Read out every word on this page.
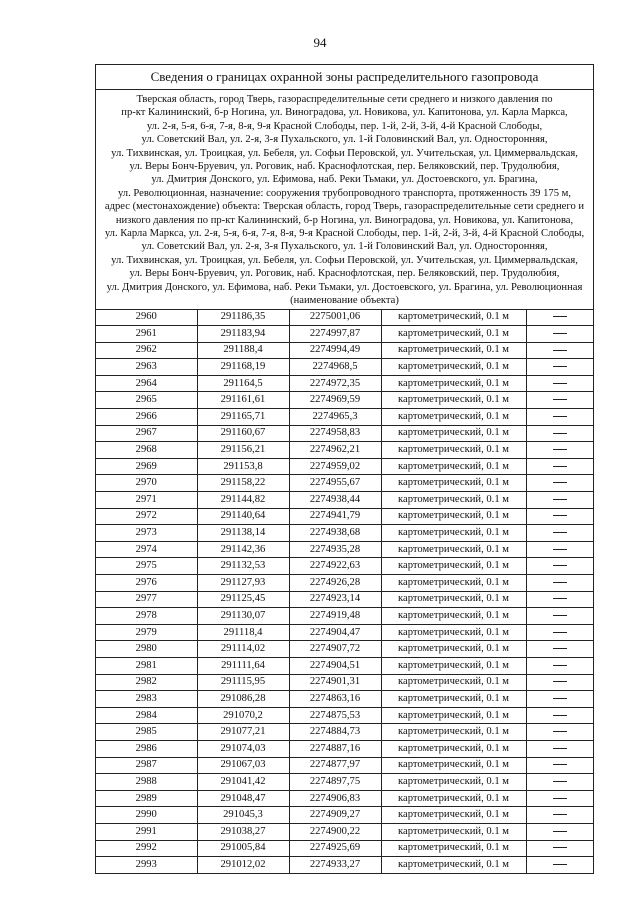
94
Сведения о границах охранной зоны распределительного газопровода
Тверская область, город Тверь, газораспределительные сети среднего и низкого давления по
пр-кт Калининский, б-р Ногина, ул. Виноградова, ул. Новикова, ул. Капитонова, ул. Карла Маркса,
ул. 2-я, 5-я, 6-я, 7-я, 8-я, 9-я Красной Слободы, пер. 1-й, 2-й, 3-й, 4-й Красной Слободы,
ул. Советский Вал, ул. 2-я, 3-я Пухальского, ул. 1-й Головинский Вал, ул. Односторонняя,
ул. Тихвинская, ул. Троицкая, ул. Бебеля, ул. Софьи Перовской, ул. Учительская, ул. Циммервальдская,
ул. Веры Бонч-Бруевич, ул. Роговик, наб. Краснофлотская, пер. Беляковский, пер. Трудолюбия,
ул. Дмитрия Донского, ул. Ефимова, наб. Реки Тьмаки, ул. Достоевского, ул. Брагина,
ул. Революционная, назначение: сооружения трубопроводного транспорта, протяженность 39 175 м,
адрес (местонахождение) объекта: Тверская область, город Тверь, газораспределительные сети среднего и
низкого давления по пр-кт Калининский, б-р Ногина, ул. Виноградова, ул. Новикова, ул. Капитонова,
ул. Карла Маркса, ул. 2-я, 5-я, 6-я, 7-я, 8-я, 9-я Красной Слободы, пер. 1-й, 2-й, 3-й, 4-й Красной Слободы,
ул. Советский Вал, ул. 2-я, 3-я Пухальского, ул. 1-й Головинский Вал, ул. Односторонняя,
ул. Тихвинская, ул. Троицкая, ул. Бебеля, ул. Софьи Перовской, ул. Учительская, ул. Циммервальдская,
ул. Веры Бонч-Бруевич, ул. Роговик, наб. Краснофлотская, пер. Беляковский, пер. Трудолюбия,
ул. Дмитрия Донского, ул. Ефимова, наб. Реки Тьмаки, ул. Достоевского, ул. Брагина, ул. Революционная
(наименование объекта)
2960	291186,35	2275001,06	картометрический, 0.1 м	
2961	291183,94	2274997,87	картометрический, 0.1 м	
2962	291188,4	2274994,49	картометрический, 0.1 м	
2963	291168,19	2274968,5	картометрический, 0.1 м	
2964	291164,5	2274972,35	картометрический, 0.1 м	
2965	291161,61	2274969,59	картометрический, 0.1 м	
2966	291165,71	2274965,3	картометрический, 0.1 м	
2967	291160,67	2274958,83	картометрический, 0.1 м	
2968	291156,21	2274962,21	картометрический, 0.1 м	
2969	291153,8	2274959,02	картометрический, 0.1 м	
2970	291158,22	2274955,67	картометрический, 0.1 м	
2971	291144,82	2274938,44	картометрический, 0.1 м	
2972	291140,64	2274941,79	картометрический, 0.1 м	
2973	291138,14	2274938,68	картометрический, 0.1 м	
2974	291142,36	2274935,28	картометрический, 0.1 м	
2975	291132,53	2274922,63	картометрический, 0.1 м	
2976	291127,93	2274926,28	картометрический, 0.1 м	
2977	291125,45	2274923,14	картометрический, 0.1 м	
2978	291130,07	2274919,48	картометрический, 0.1 м	
2979	291118,4	2274904,47	картометрический, 0.1 м	
2980	291114,02	2274907,72	картометрический, 0.1 м	
2981	291111,64	2274904,51	картометрический, 0.1 м	
2982	291115,95	2274901,31	картометрический, 0.1 м	
2983	291086,28	2274863,16	картометрический, 0.1 м	
2984	291070,2	2274875,53	картометрический, 0.1 м	
2985	291077,21	2274884,73	картометрический, 0.1 м	
2986	291074,03	2274887,16	картометрический, 0.1 м	
2987	291067,03	2274877,97	картометрический, 0.1 м	
2988	291041,42	2274897,75	картометрический, 0.1 м	
2989	291048,47	2274906,83	картометрический, 0.1 м	
2990	291045,3	2274909,27	картометрический, 0.1 м	
2991	291038,27	2274900,22	картометрический, 0.1 м	
2992	291005,84	2274925,69	картометрический, 0.1 м	
2993	291012,02	2274933,27	картометрический, 0.1 м	
